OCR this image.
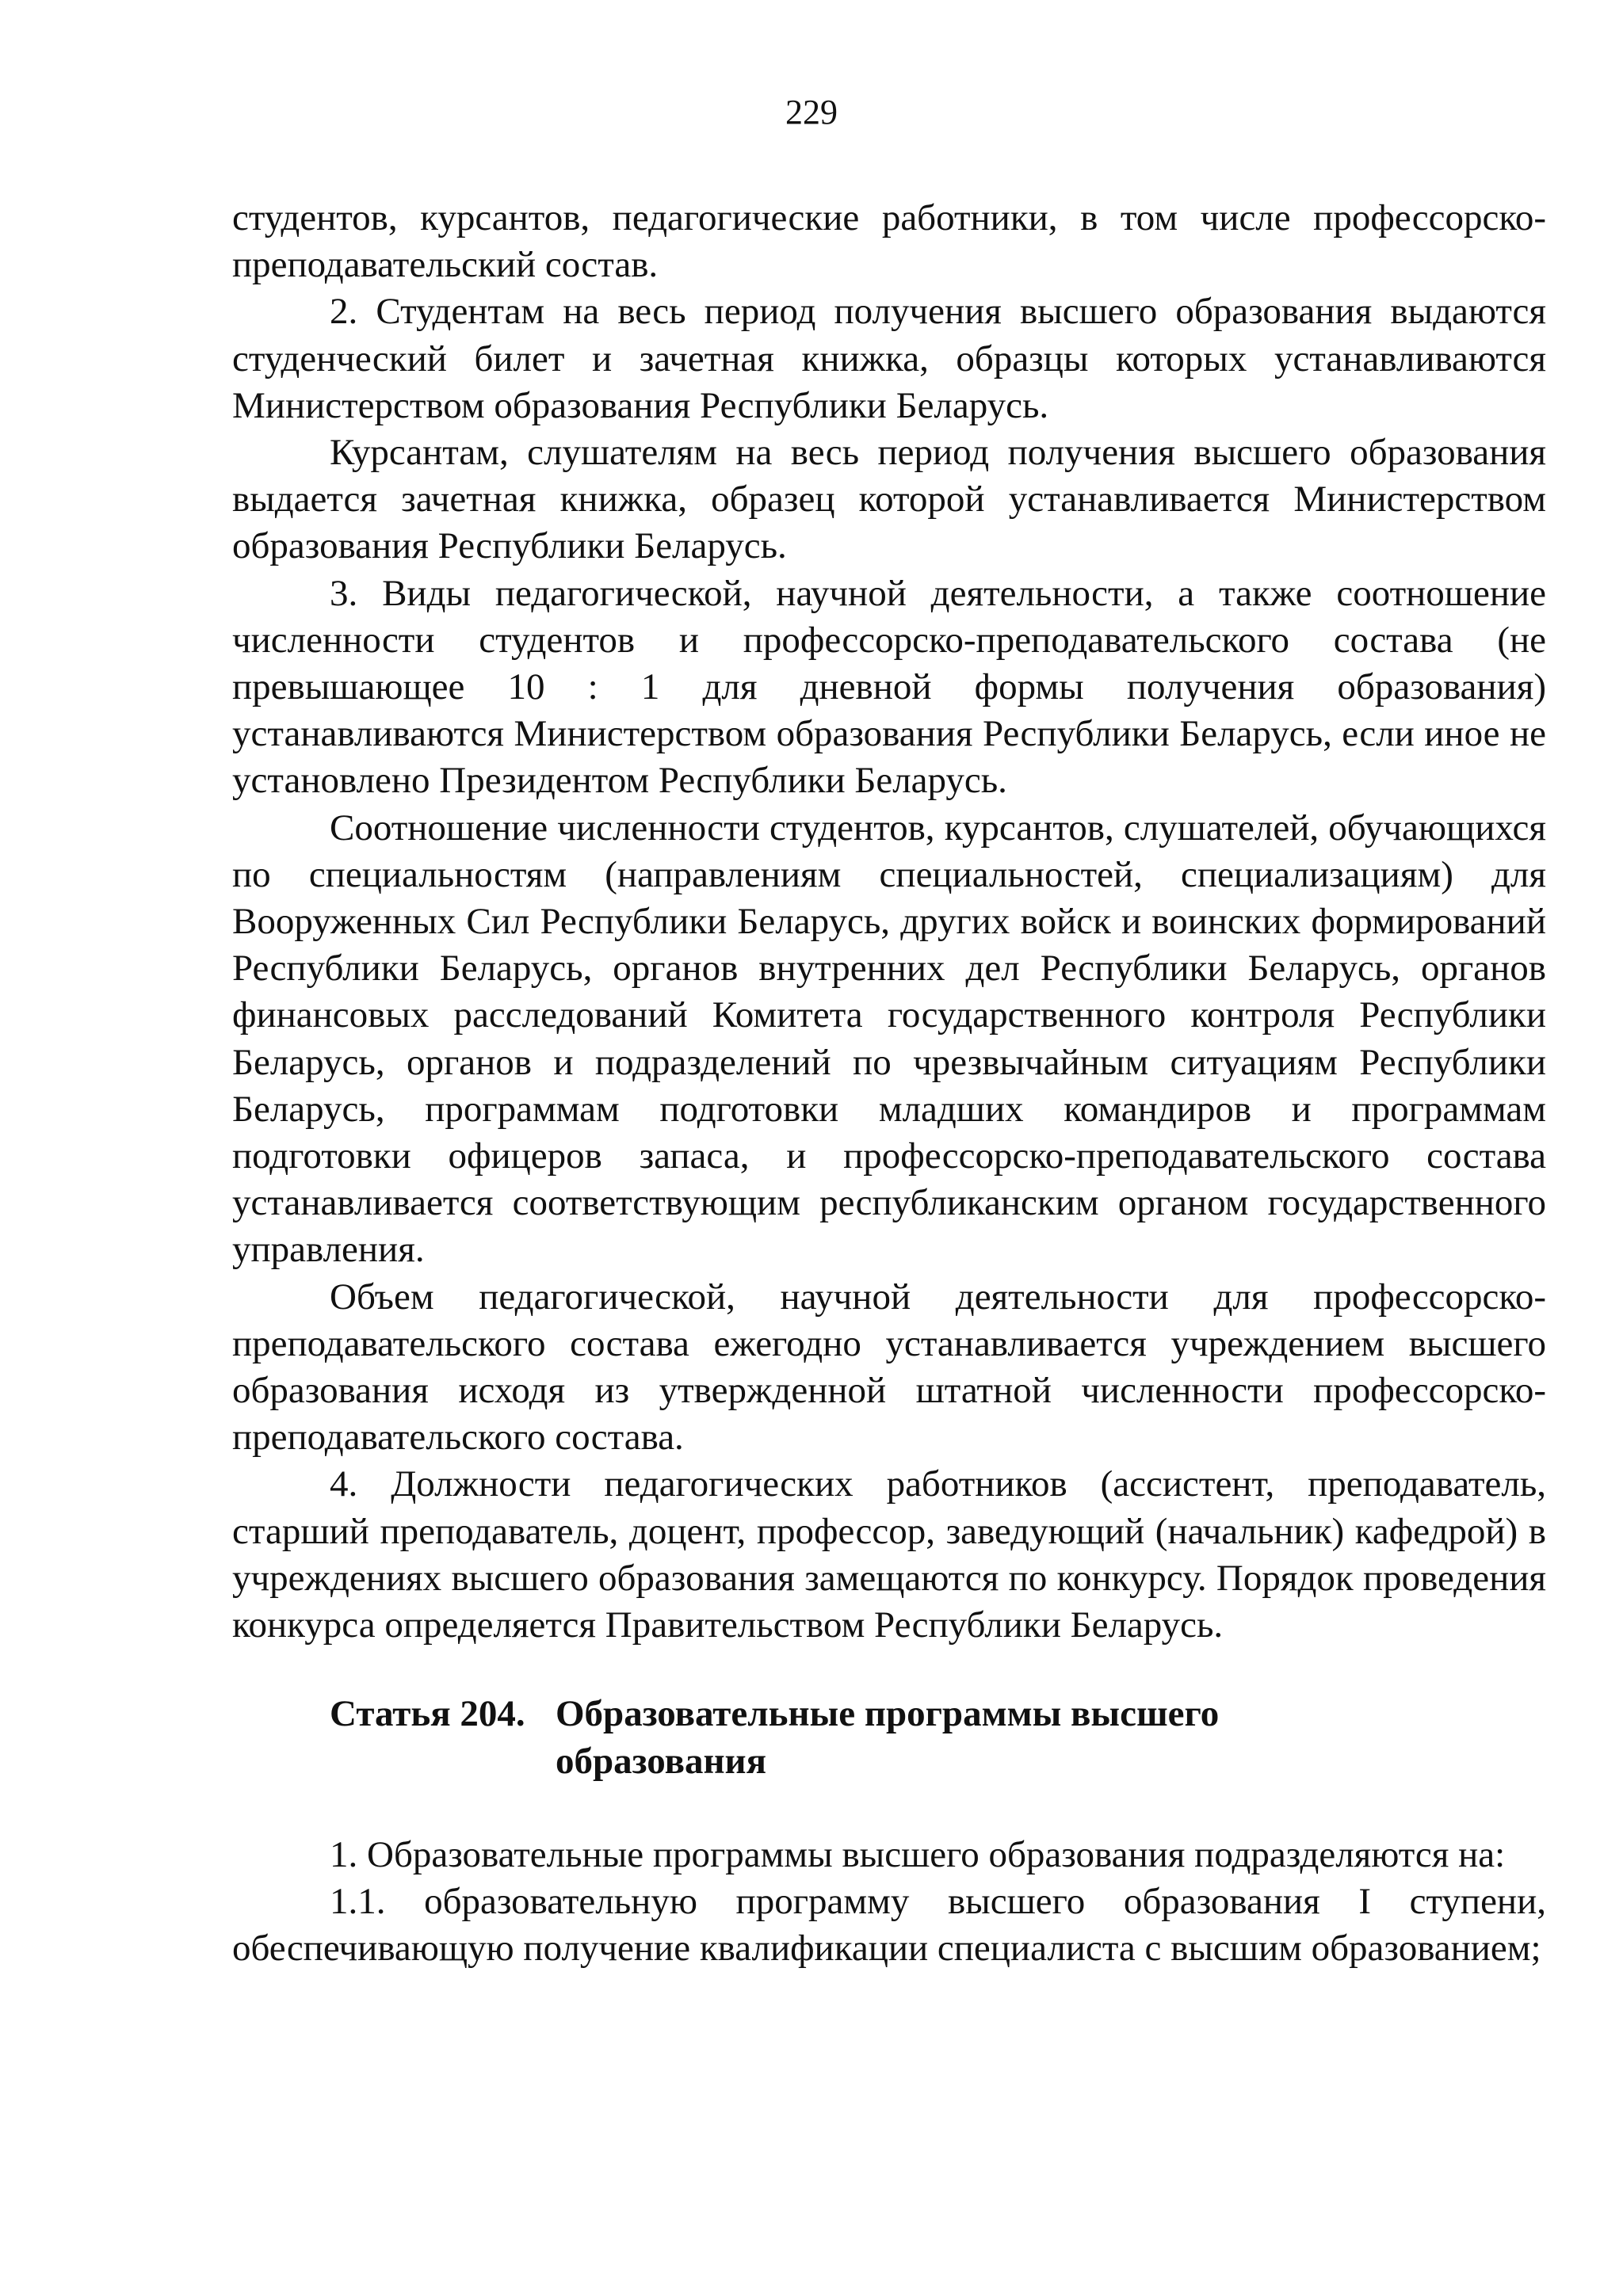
229

студентов, курсантов, педагогические работники, в том числе профессорско-преподавательский состав.

2. Студентам на весь период получения высшего образования выдаются студенческий билет и зачетная книжка, образцы которых устанавливаются Министерством образования Республики Беларусь.

Курсантам, слушателям на весь период получения высшего образования выдается зачетная книжка, образец которой устанавливается Министерством образования Республики Беларусь.

3. Виды педагогической, научной деятельности, а также соотношение численности студентов и профессорско-преподавательского состава (не превышающее 10 : 1 для дневной формы получения образования) устанавливаются Министерством образования Республики Беларусь, если иное не установлено Президентом Республики Беларусь.

Соотношение численности студентов, курсантов, слушателей, обучающихся по специальностям (направлениям специальностей, специализациям) для Вооруженных Сил Республики Беларусь, других войск и воинских формирований Республики Беларусь, органов внутренних дел Республики Беларусь, органов финансовых расследований Комитета государственного контроля Республики Беларусь, органов и подразделений по чрезвычайным ситуациям Республики Беларусь, программам подготовки младших командиров и программам подготовки офицеров запаса, и профессорско-преподавательского состава устанавливается соответствующим республиканским органом государственного управления.

Объем педагогической, научной деятельности для профессорско-преподавательского состава ежегодно устанавливается учреждением высшего образования исходя из утвержденной штатной численности профессорско-преподавательского состава.

4. Должности педагогических работников (ассистент, преподаватель, старший преподаватель, доцент, профессор, заведующий (начальник) кафедрой) в учреждениях высшего образования замещаются по конкурсу. Порядок проведения конкурса определяется Правительством Республики Беларусь.

Статья 204. Образовательные программы высшего образования

1. Образовательные программы высшего образования подразделяются на:

1.1. образовательную программу высшего образования I ступени, обеспечивающую получение квалификации специалиста с высшим образованием;
